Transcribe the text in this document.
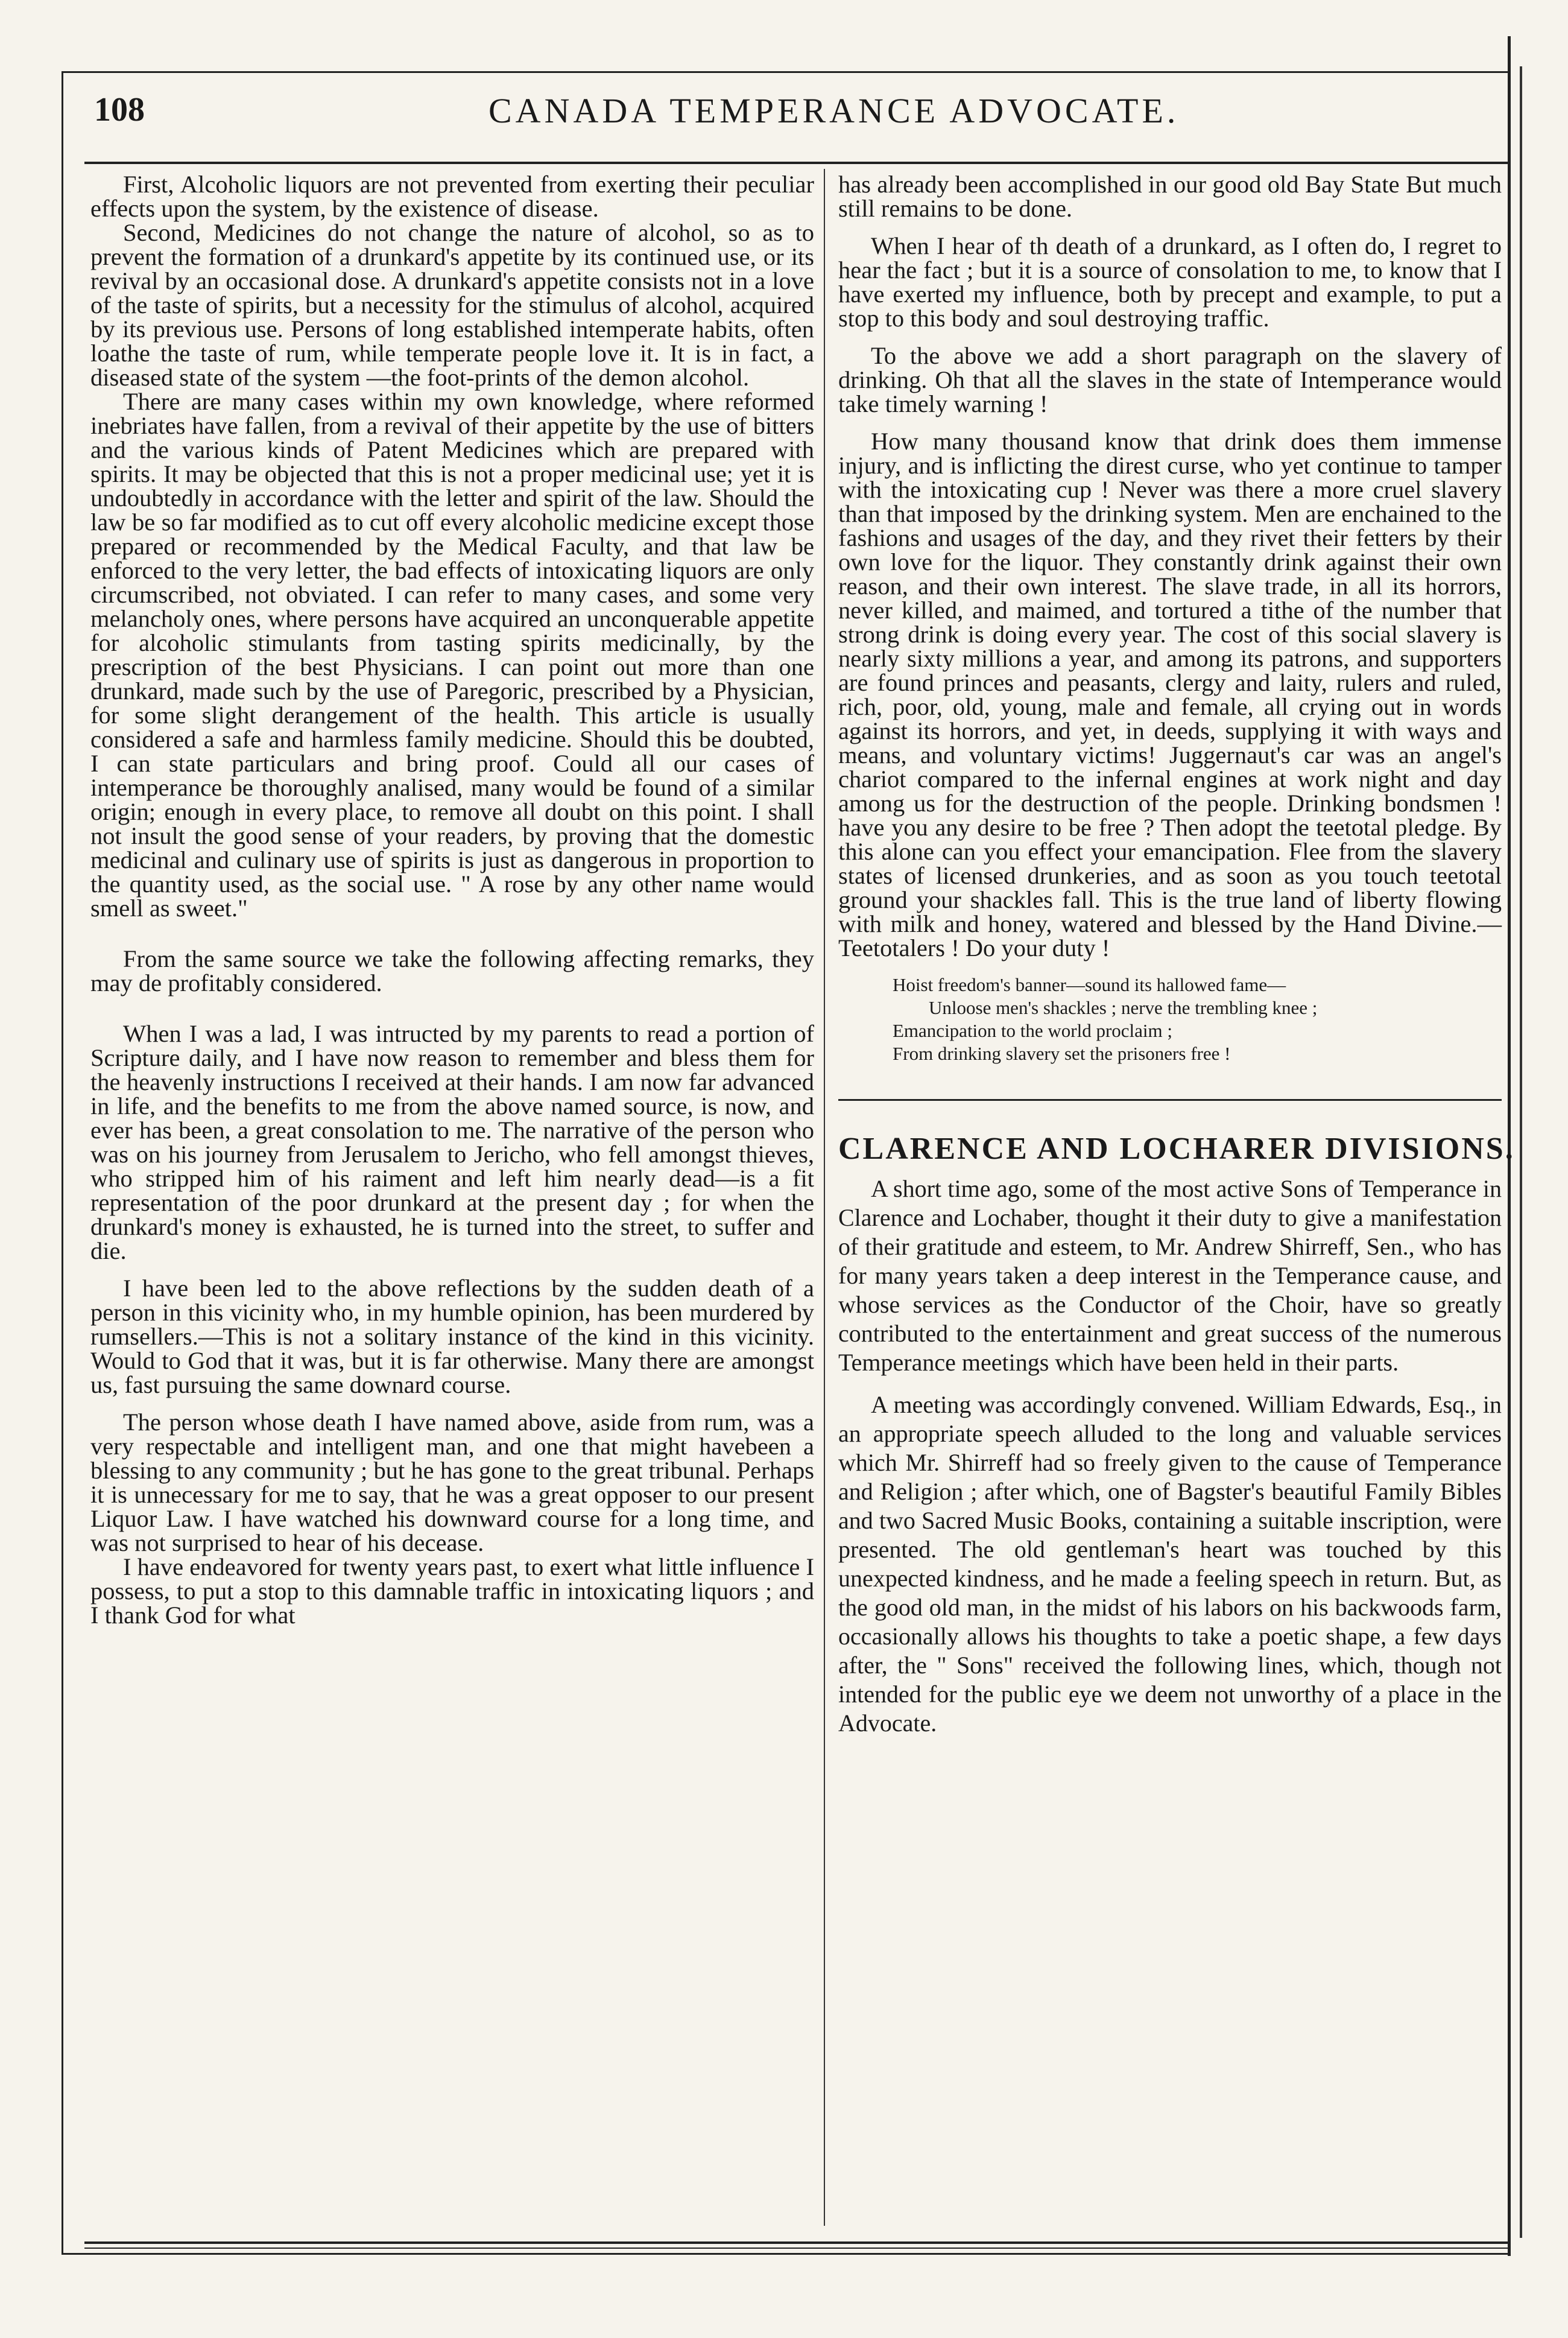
108	CANADA TEMPERANCE ADVOCATE.

First, Alcoholic liquors are not prevented from exerting their peculiar effects upon the system, by the existence of disease.

Second, Medicines do not change the nature of alcohol, so as to prevent the formation of a drunkard's appetite by its continued use, or its revival by an occasional dose. A drunkard's appetite consists not in a love of the taste of spirits, but a necessity for the stimulus of alcohol, acquired by its previous use. Persons of long established intemperate habits, often loathe the taste of rum, while temperate people love it. It is in fact, a diseased state of the system —the foot-prints of the demon alcohol.

There are many cases within my own knowledge, where reformed inebriates have fallen, from a revival of their appetite by the use of bitters and the various kinds of Patent Medicines which are prepared with spirits. It may be objected that this is not a proper medicinal use; yet it is undoubtedly in accordance with the letter and spirit of the law. Should the law be so far modified as to cut off every alcoholic medicine except those prepared or recommended by the Medical Faculty, and that law be enforced to the very letter, the bad effects of intoxicating liquors are only circumscribed, not obviated. I can refer to many cases, and some very melancholy ones, where persons have acquired an unconquerable appetite for alcoholic stimulants from tasting spirits medicinally, by the prescription of the best Physicians. I can point out more than one drunkard, made such by the use of Paregoric, prescribed by a Physician, for some slight derangement of the health. This article is usually considered a safe and harmless family medicine. Should this be doubted, I can state particulars and bring proof. Could all our cases of intemperance be thoroughly analised, many would be found of a similar origin; enough in every place, to remove all doubt on this point. I shall not insult the good sense of your readers, by proving that the domestic medicinal and culinary use of spirits is just as dangerous in proportion to the quantity used, as the social use. " A rose by any other name would smell as sweet."

From the same source we take the following affecting remarks, they may de profitably considered.

When I was a lad, I was intructed by my parents to read a portion of Scripture daily, and I have now reason to remember and bless them for the heavenly instructions I received at their hands. I am now far advanced in life, and the benefits to me from the above named source, is now, and ever has been, a great consolation to me. The narrative of the person who was on his journey from Jerusalem to Jericho, who fell amongst thieves, who stripped him of his raiment and left him nearly dead—is a fit representation of the poor drunkard at the present day ; for when the drunkard's money is exhausted, he is turned into the street, to suffer and die.

I have been led to the above reflections by the sudden death of a person in this vicinity who, in my humble opinion, has been murdered by rumsellers.—This is not a solitary instance of the kind in this vicinity. Would to God that it was, but it is far otherwise. Many there are amongst us, fast pursuing the same downard course.

The person whose death I have named above, aside from rum, was a very respectable and intelligent man, and one that might havebeen a blessing to any community ; but he has gone to the great tribunal. Perhaps it is unnecessary for me to say, that he was a great opposer to our present Liquor Law. I have watched his downward course for a long time, and was not surprised to hear of his decease.

I have endeavored for twenty years past, to exert what little influence I possess, to put a stop to this damnable traffic in intoxicating liquors ; and I thank God for what

has already been accomplished in our good old Bay State But much still remains to be done.

When I hear of th death of a drunkard, as I often do, I regret to hear the fact ; but it is a source of consolation to me, to know that I have exerted my influence, both by precept and example, to put a stop to this body and soul destroying traffic.

To the above we add a short paragraph on the slavery of drinking. Oh that all the slaves in the state of Intemperance would take timely warning !

How many thousand know that drink does them immense injury, and is inflicting the direst curse, who yet continue to tamper with the intoxicating cup ! Never was there a more cruel slavery than that imposed by the drinking system. Men are enchained to the fashions and usages of the day, and they rivet their fetters by their own love for the liquor. They constantly drink against their own reason, and their own interest. The slave trade, in all its horrors, never killed, and maimed, and tortured a tithe of the number that strong drink is doing every year. The cost of this social slavery is nearly sixty millions a year, and among its patrons, and supporters are found princes and peasants, clergy and laity, rulers and ruled, rich, poor, old, young, male and female, all crying out in words against its horrors, and yet, in deeds, supplying it with ways and means, and voluntary victims! Juggernaut's car was an angel's chariot compared to the infernal engines at work night and day among us for the destruction of the people. Drinking bondsmen ! have you any desire to be free ? Then adopt the teetotal pledge. By this alone can you effect your emancipation. Flee from the slavery states of licensed drunkeries, and as soon as you touch teetotal ground your shackles fall. This is the true land of liberty flowing with milk and honey, watered and blessed by the Hand Divine.—Teetotalers ! Do your duty !

Hoist freedom's banner—sound its hallowed fame—
Unloose men's shackles ; nerve the trembling knee ;
Emancipation to the world proclaim ;
From drinking slavery set the prisoners free !
CLARENCE AND LOCHARER DIVISIONS.

A short time ago, some of the most active Sons of Temperance in Clarence and Lochaber, thought it their duty to give a manifestation of their gratitude and esteem, to Mr. Andrew Shirreff, Sen., who has for many years taken a deep interest in the Temperance cause, and whose services as the Conductor of the Choir, have so greatly contributed to the entertainment and great success of the numerous Temperance meetings which have been held in their parts.

A meeting was accordingly convened. William Edwards, Esq., in an appropriate speech alluded to the long and valuable services which Mr. Shirreff had so freely given to the cause of Temperance and Religion ; after which, one of Bagster's beautiful Family Bibles and two Sacred Music Books, containing a suitable inscription, were presented. The old gentleman's heart was touched by this unexpected kindness, and he made a feeling speech in return. But, as the good old man, in the midst of his labors on his backwoods farm, occasionally allows his thoughts to take a poetic shape, a few days after, the " Sons" received the following lines, which, though not intended for the public eye we deem not unworthy of a place in the Advocate.
